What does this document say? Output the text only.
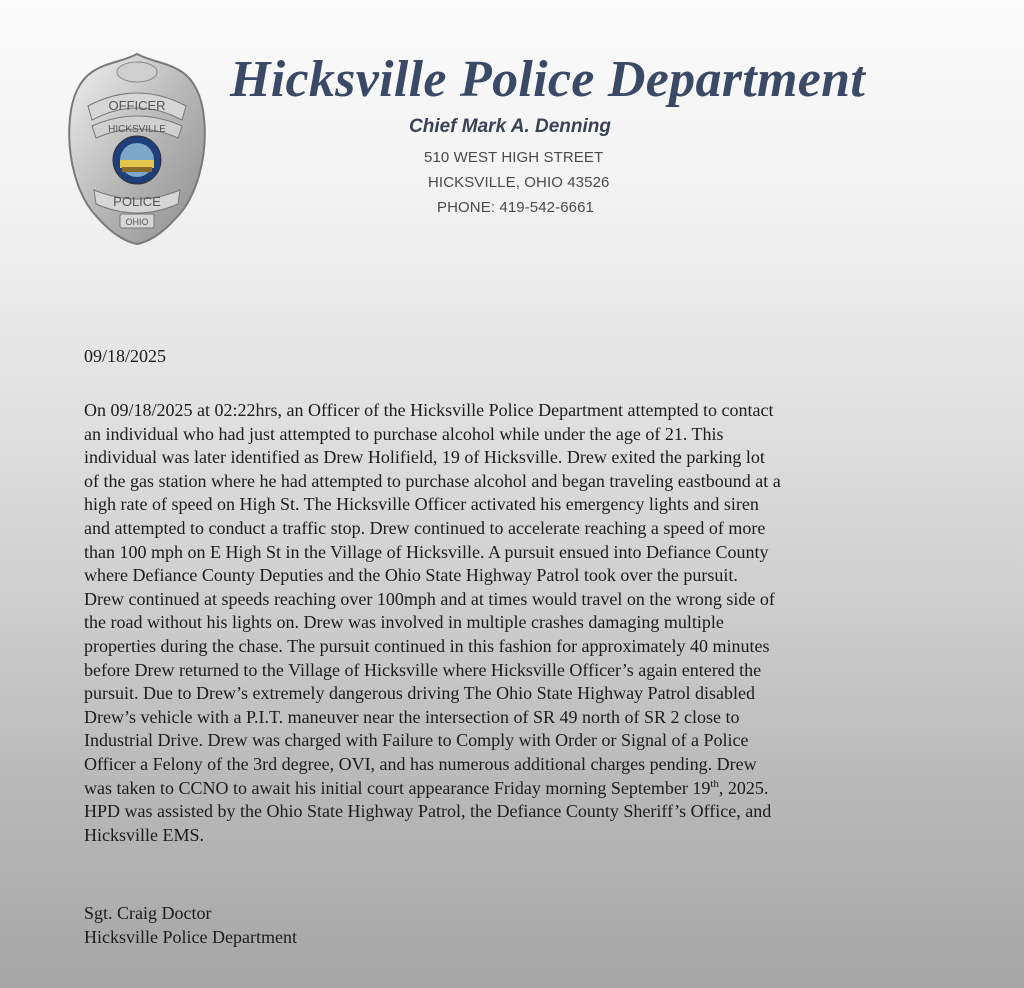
OFFICER
HICKSVILLE
POLICE
OHIO
Hicksville Police Department
Chief Mark A. Denning
510 WEST HIGH STREET
HICKSVILLE, OHIO 43526
PHONE: 419-542-6661
09/18/2025
On 09/18/2025 at 02:22hrs, an Officer of the Hicksville Police Department attempted to contact
an individual who had just attempted to purchase alcohol while under the age of 21. This
individual was later identified as Drew Holifield, 19 of Hicksville. Drew exited the parking lot
of the gas station where he had attempted to purchase alcohol and began traveling eastbound at a
high rate of speed on High St. The Hicksville Officer activated his emergency lights and siren
and attempted to conduct a traffic stop. Drew continued to accelerate reaching a speed of more
than 100 mph on E High St in the Village of Hicksville. A pursuit ensued into Defiance County
where Defiance County Deputies and the Ohio State Highway Patrol took over the pursuit.
Drew continued at speeds reaching over 100mph and at times would travel on the wrong side of
the road without his lights on. Drew was involved in multiple crashes damaging multiple
properties during the chase. The pursuit continued in this fashion for approximately 40 minutes
before Drew returned to the Village of Hicksville where Hicksville Officer’s again entered the
pursuit. Due to Drew’s extremely dangerous driving The Ohio State Highway Patrol disabled
Drew’s vehicle with a P.I.T. maneuver near the intersection of SR 49 north of SR 2 close to
Industrial Drive. Drew was charged with Failure to Comply with Order or Signal of a Police
Officer a Felony of the 3rd degree, OVI, and has numerous additional charges pending. Drew
was taken to CCNO to await his initial court appearance Friday morning September 19th, 2025.
HPD was assisted by the Ohio State Highway Patrol, the Defiance County Sheriff’s Office, and
Hicksville EMS.
Sgt. Craig Doctor
Hicksville Police Department
